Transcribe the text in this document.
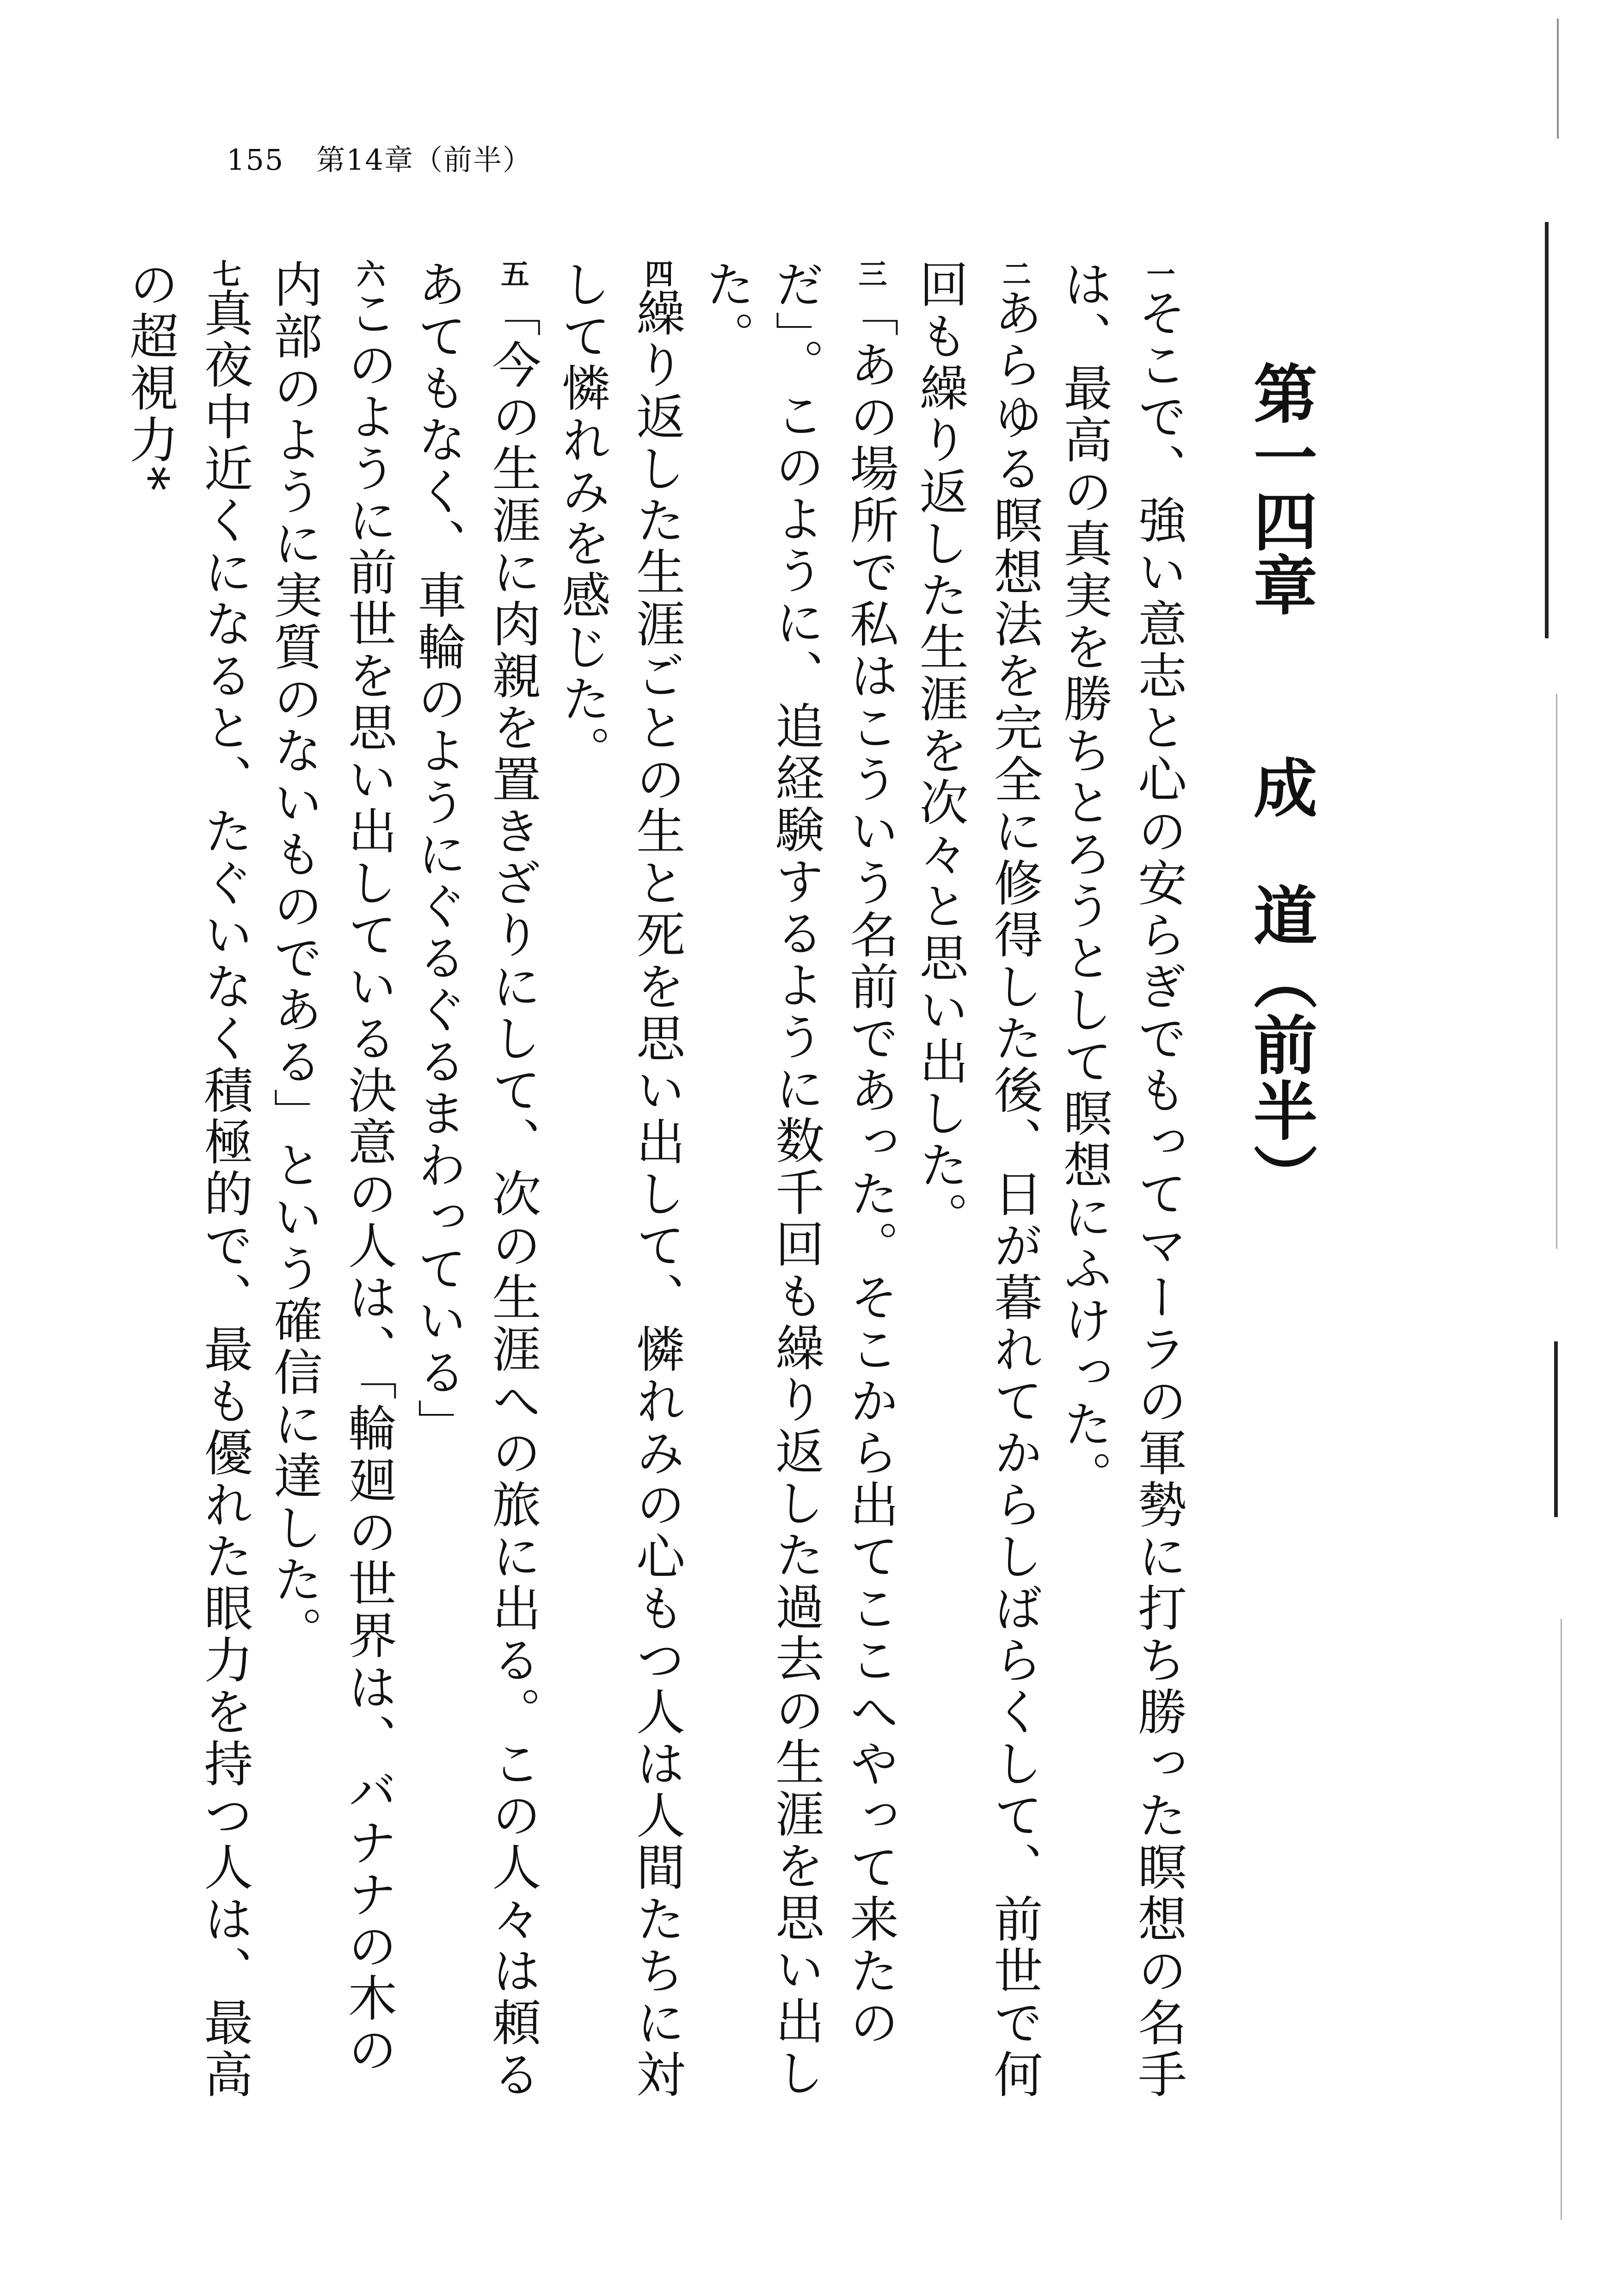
155 第14章（前半）
第一四章成　道（前半）

一そこで、強い意志と心の安らぎでもってマーラの軍勢に打ち勝った瞑想の名手は、最高の真実を勝ちとろうとして瞑想にふけった。

二あらゆる瞑想法を完全に修得した後、日が暮れてからしばらくして、前世で何回も繰り返した生涯を次々と思い出した。

三「あの場所で私はこういう名前であった。そこから出てここへやって来たのだ」。このように、追経験するように数千回も繰り返した過去の生涯を思い出した。

四繰り返した生涯ごとの生と死を思い出して、憐れみの心もつ人は人間たちに対して憐れみを感じた。

五「今の生涯に肉親を置きざりにして、次の生涯への旅に出る。この人々は頼るあてもなく、車輪のようにぐるぐるまわっている」

六このように前世を思い出している決意の人は、「輪廻の世界は、バナナの木の内部のように実質のないものである」という確信に達した。

七真夜中近くになると、たぐいなく積極的で、最も優れた眼力を持つ人は、最高の超視力*
